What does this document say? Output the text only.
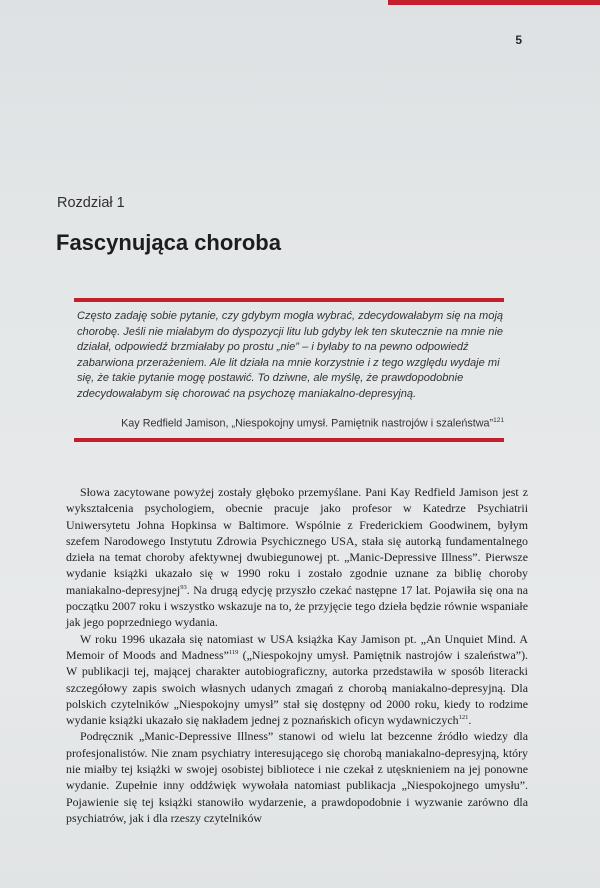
5
Rozdział 1
Fascynująca choroba

Często zadaję sobie pytanie, czy gdybym mogła wybrać, zdecydowałabym się na moją chorobę. Jeśli nie miałabym do dyspozycji litu lub gdyby lek ten skutecznie na mnie nie działał, odpowiedź brzmiałaby po prostu „nie” – i byłaby to na pewno odpowiedź zabarwiona przerażeniem. Ale lit działa na mnie korzystnie i z tego względu wydaje mi się, że takie pytanie mogę postawić. To dziwne, ale myślę, że prawdopodobnie zdecydowałabym się chorować na psychozę maniakalno-depresyjną.

Kay Redfield Jamison, „Niespokojny umysł. Pamiętnik nastrojów i szaleństwa”$^{121}$

Słowa zacytowane powyżej zostały głęboko przemyślane. Pani Kay Redfield Jamison jest z wykształcenia psychologiem, obecnie pracuje jako profesor w Katedrze Psychiatrii Uniwersytetu Johna Hopkinsa w Baltimore. Wspólnie z Frederickiem Goodwinem, byłym szefem Narodowego Instytutu Zdrowia Psychicznego USA, stała się autorką fundamentalnego dzieła na temat choroby afektywnej dwubiegunowej pt. „Manic-Depressive Illness”. Pierwsze wydanie książki ukazało się w 1990 roku i zostało zgodnie uznane za biblię choroby maniakalno-depresyjnej$^{93}$. Na drugą edycję przyszło czekać następne 17 lat. Pojawiła się ona na początku 2007 roku i wszystko wskazuje na to, że przyjęcie tego dzieła będzie równie wspaniałe jak jego poprzedniego wydania.

W roku 1996 ukazała się natomiast w USA książka Kay Jamison pt. „An Unquiet Mind. A Memoir of Moods and Madness”$^{119}$ („Niespokojny umysł. Pamiętnik nastrojów i szaleństwa”). W publikacji tej, mającej charakter autobiograficzny, autorka przedstawiła w sposób literacki szczegółowy zapis swoich własnych udanych zmagań z chorobą maniakalno-depresyjną. Dla polskich czytelników „Niespokojny umysł” stał się dostępny od 2000 roku, kiedy to rodzime wydanie książki ukazało się nakładem jednej z poznańskich oficyn wydawniczych$^{121}$.

Podręcznik „Manic-Depressive Illness” stanowi od wielu lat bezcenne źródło wiedzy dla profesjonalistów. Nie znam psychiatry interesującego się chorobą maniakalno-depresyjną, który nie miałby tej książki w swojej osobistej bibliotece i nie czekał z utęsknieniem na jej ponowne wydanie. Zupełnie inny oddźwięk wywołała natomiast publikacja „Niespokojnego umysłu”. Pojawienie się tej książki stanowiło wydarzenie, a prawdopodobnie i wyzwanie zarówno dla psychiatrów, jak i dla rzeszy czytelników
